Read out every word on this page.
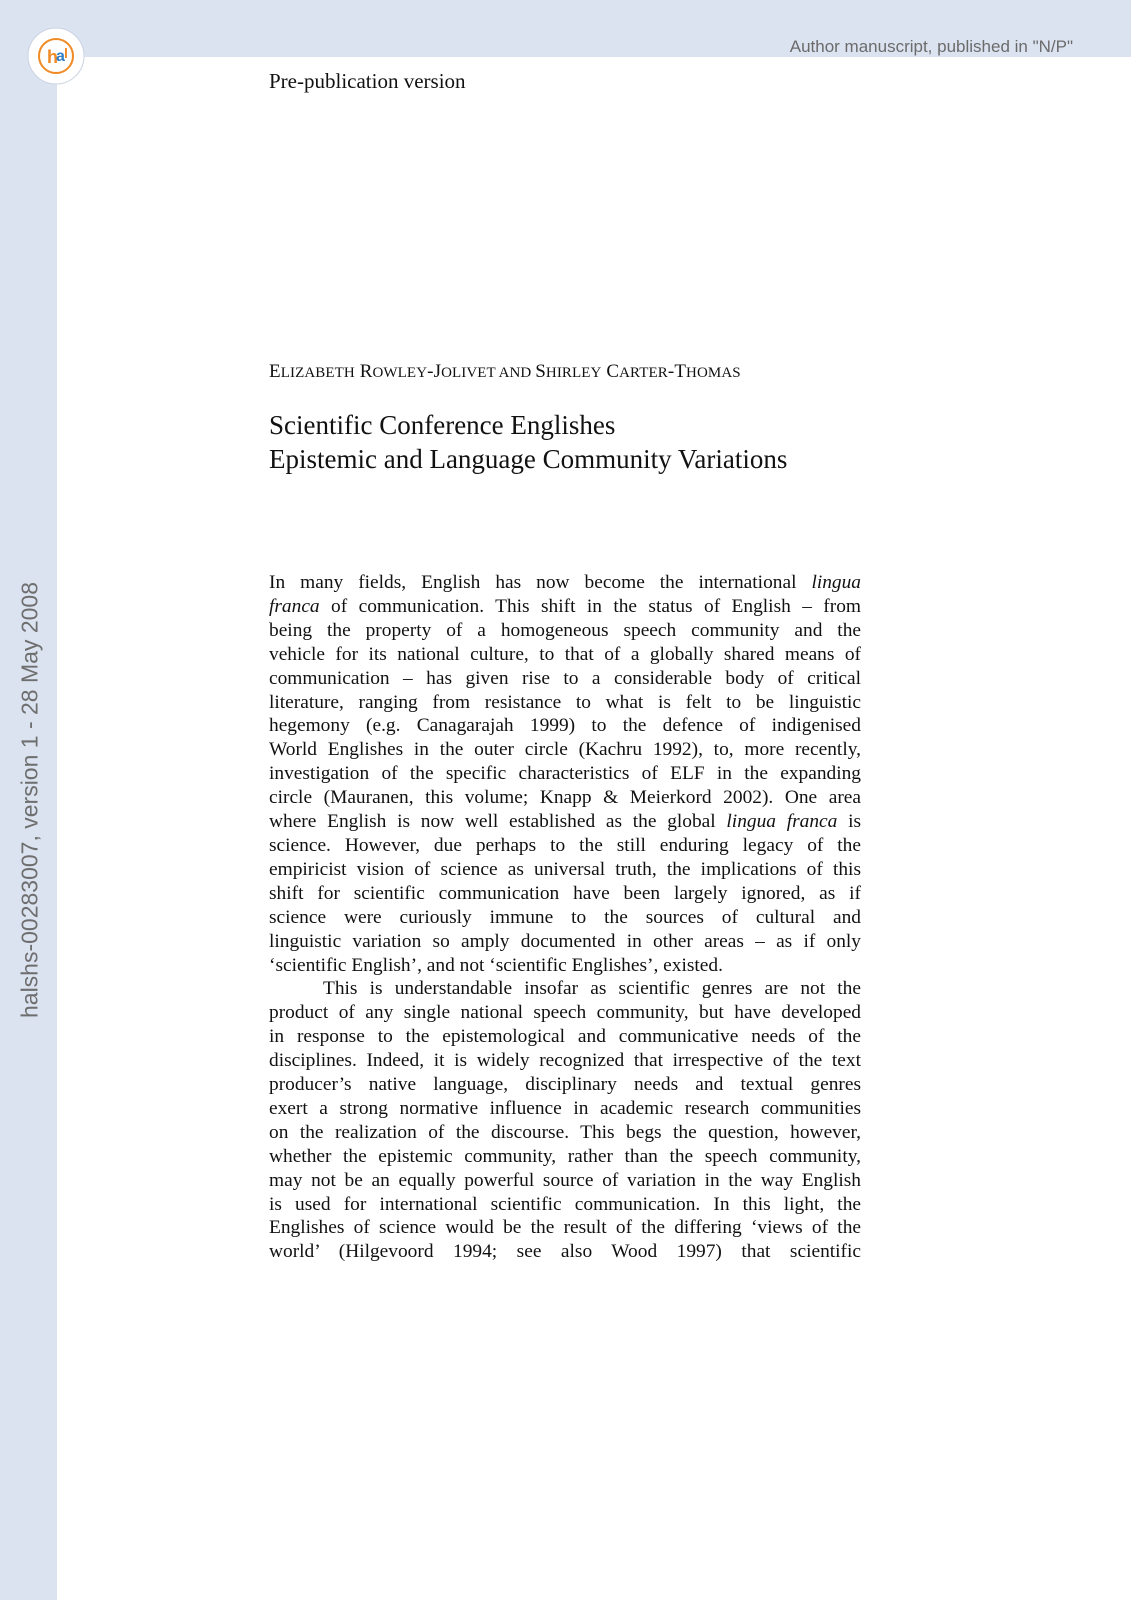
Author manuscript, published in "N/P"
h
a l
halshs-00283007, version 1 - 28 May 2008
Pre-publication version
ELIZABETH ROWLEY-JOLIVET AND SHIRLEY CARTER-THOMAS
Scientific Conference Englishes
Epistemic and Language Community Variations

In many fields, English has now become the international lingua

franca of communication. This shift in the status of English – from

being the property of a homogeneous speech community and the

vehicle for its national culture, to that of a globally shared means of

communication – has given rise to a considerable body of critical

literature, ranging from resistance to what is felt to be linguistic

hegemony (e.g. Canagarajah 1999) to the defence of indigenised

World Englishes in the outer circle (Kachru 1992), to, more recently,

investigation of the specific characteristics of ELF in the expanding

circle (Mauranen, this volume; Knapp & Meierkord 2002). One area

where English is now well established as the global lingua franca is

science. However, due perhaps to the still enduring legacy of the

empiricist vision of science as universal truth, the implications of this

shift for scientific communication have been largely ignored, as if

science were curiously immune to the sources of cultural and

linguistic variation so amply documented in other areas – as if only

‘scientific English’, and not ‘scientific Englishes’, existed.

This is understandable insofar as scientific genres are not the

product of any single national speech community, but have developed

in response to the epistemological and communicative needs of the

disciplines. Indeed, it is widely recognized that irrespective of the text

producer’s native language, disciplinary needs and textual genres

exert a strong normative influence in academic research communities

on the realization of the discourse. This begs the question, however,

whether the epistemic community, rather than the speech community,

may not be an equally powerful source of variation in the way English

is used for international scientific communication. In this light, the

Englishes of science would be the result of the differing ‘views of the

world’ (Hilgevoord 1994; see also Wood 1997) that scientific
